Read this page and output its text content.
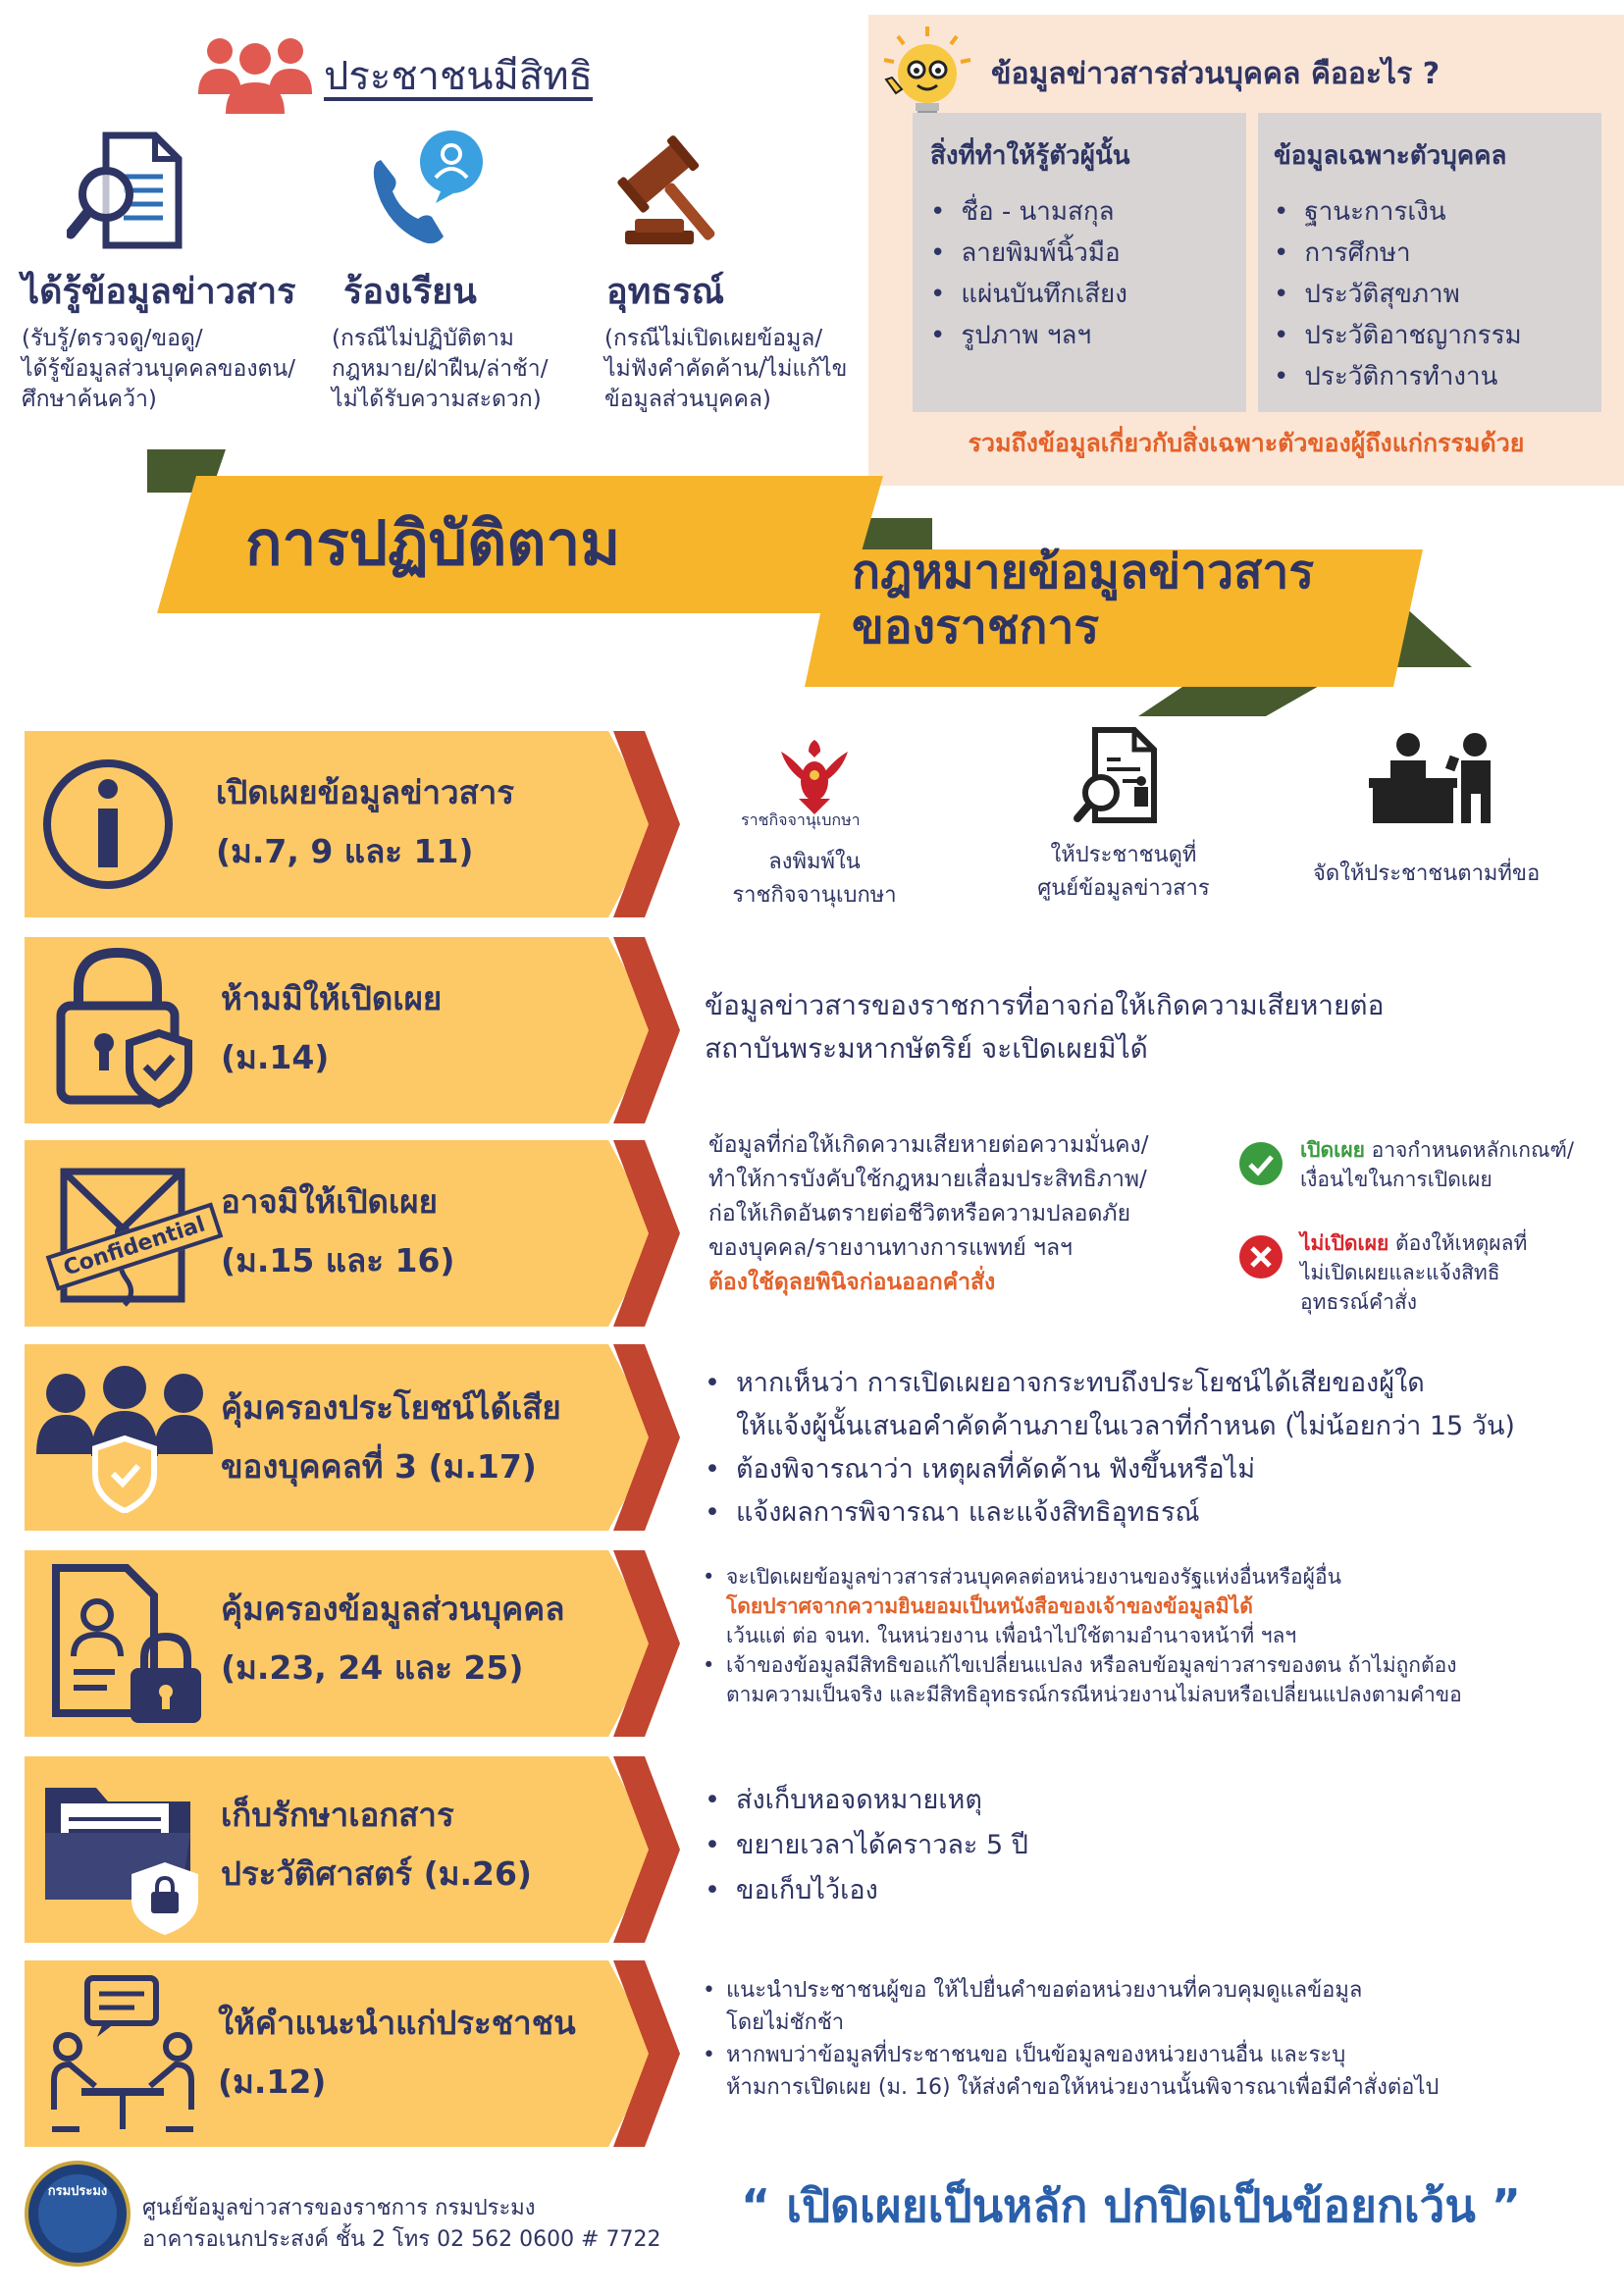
ประชาชนมีสิทธิ
ได้รู้ข้อมูลข่าวสาร
(รับรู้/ตรวจดู/ขอดู/
ได้รู้ข้อมูลส่วนบุคคลของตน/
ศึกษาค้นคว้า)
ร้องเรียน
(กรณีไม่ปฏิบัติตาม
กฎหมาย/ฝ่าฝืน/ล่าช้า/
ไม่ได้รับความสะดวก)
อุทธรณ์
(กรณีไม่เปิดเผยข้อมูล/
ไม่ฟังคำคัดค้าน/ไม่แก้ไข
ข้อมูลส่วนบุคคล)
ข้อมูลข่าวสารส่วนบุคคล คืออะไร ?
สิ่งที่ทำให้รู้ตัวผู้นั้น
• ชื่อ - นามสกุล
• ลายพิมพ์นิ้วมือ
• แผ่นบันทึกเสียง
• รูปภาพ ฯลฯ
ข้อมูลเฉพาะตัวบุคคล
• ฐานะการเงิน
• การศึกษา
• ประวัติสุขภาพ
• ประวัติอาชญากรรม
• ประวัติการทำงาน
รวมถึงข้อมูลเกี่ยวกับสิ่งเฉพาะตัวของผู้ถึงแก่กรรมด้วย
การปฏิบัติตาม	กฎหมายข้อมูลข่าวสาร
ของราชการ
เปิดเผยข้อมูลข่าวสาร
(ม.7, 9 และ 11)
ราชกิจจานุเบกษา
ลงพิมพ์ใน
ราชกิจจานุเบกษา
ให้ประชาชนดูที่
ศูนย์ข้อมูลข่าวสาร
จัดให้ประชาชนตามที่ขอ
ห้ามมิให้เปิดเผย
(ม.14)
ข้อมูลข่าวสารของราชการที่อาจก่อให้เกิดความเสียหายต่อ
สถาบันพระมหากษัตริย์ จะเปิดเผยมิได้
Confidential
อาจมิให้เปิดเผย
(ม.15 และ 16)
ข้อมูลที่ก่อให้เกิดความเสียหายต่อความมั่นคง/
ทำให้การบังคับใช้กฎหมายเสื่อมประสิทธิภาพ/
ก่อให้เกิดอันตรายต่อชีวิตหรือความปลอดภัย
ของบุคคล/รายงานทางการแพทย์ ฯลฯ
ต้องใช้ดุลยพินิจก่อนออกคำสั่ง
เปิดเผย อาจกำหนดหลักเกณฑ์/
เงื่อนไขในการเปิดเผย
ไม่เปิดเผย ต้องให้เหตุผลที่
ไม่เปิดเผยและแจ้งสิทธิ
อุทธรณ์คำสั่ง
คุ้มครองประโยชน์ได้เสีย
ของบุคคลที่ 3 (ม.17)
• หากเห็นว่า การเปิดเผยอาจกระทบถึงประโยชน์ได้เสียของผู้ใด
ให้แจ้งผู้นั้นเสนอคำคัดค้านภายในเวลาที่กำหนด (ไม่น้อยกว่า 15 วัน)
• ต้องพิจารณาว่า เหตุผลที่คัดค้าน ฟังขึ้นหรือไม่
• แจ้งผลการพิจารณา และแจ้งสิทธิอุทธรณ์
คุ้มครองข้อมูลส่วนบุคคล
(ม.23, 24 และ 25)
• จะเปิดเผยข้อมูลข่าวสารส่วนบุคคลต่อหน่วยงานของรัฐแห่งอื่นหรือผู้อื่น
โดยปราศจากความยินยอมเป็นหนังสือของเจ้าของข้อมูลมิได้
เว้นแต่ ต่อ จนท. ในหน่วยงาน เพื่อนำไปใช้ตามอำนาจหน้าที่ ฯลฯ
• เจ้าของข้อมูลมีสิทธิขอแก้ไขเปลี่ยนแปลง หรือลบข้อมูลข่าวสารของตน ถ้าไม่ถูกต้อง
ตามความเป็นจริง และมีสิทธิอุทธรณ์กรณีหน่วยงานไม่ลบหรือเปลี่ยนแปลงตามคำขอ
เก็บรักษาเอกสาร
ประวัติศาสตร์ (ม.26)
• ส่งเก็บหอจดหมายเหตุ
• ขยายเวลาได้คราวละ 5 ปี
• ขอเก็บไว้เอง
ให้คำแนะนำแก่ประชาชน
(ม.12)
• แนะนำประชาชนผู้ขอ ให้ไปยื่นคำขอต่อหน่วยงานที่ควบคุมดูแลข้อมูล
โดยไม่ชักช้า
• หากพบว่าข้อมูลที่ประชาชนขอ เป็นข้อมูลของหน่วยงานอื่น และระบุ
ห้ามการเปิดเผย (ม. 16) ให้ส่งคำขอให้หน่วยงานนั้นพิจารณาเพื่อมีคำสั่งต่อไป
กรมประมง
ศูนย์ข้อมูลข่าวสารของราชการ กรมประมง
อาคารอเนกประสงค์ ชั้น 2 โทร 02 562 0600 # 7722
“ เปิดเผยเป็นหลัก ปกปิดเป็นข้อยกเว้น ”
